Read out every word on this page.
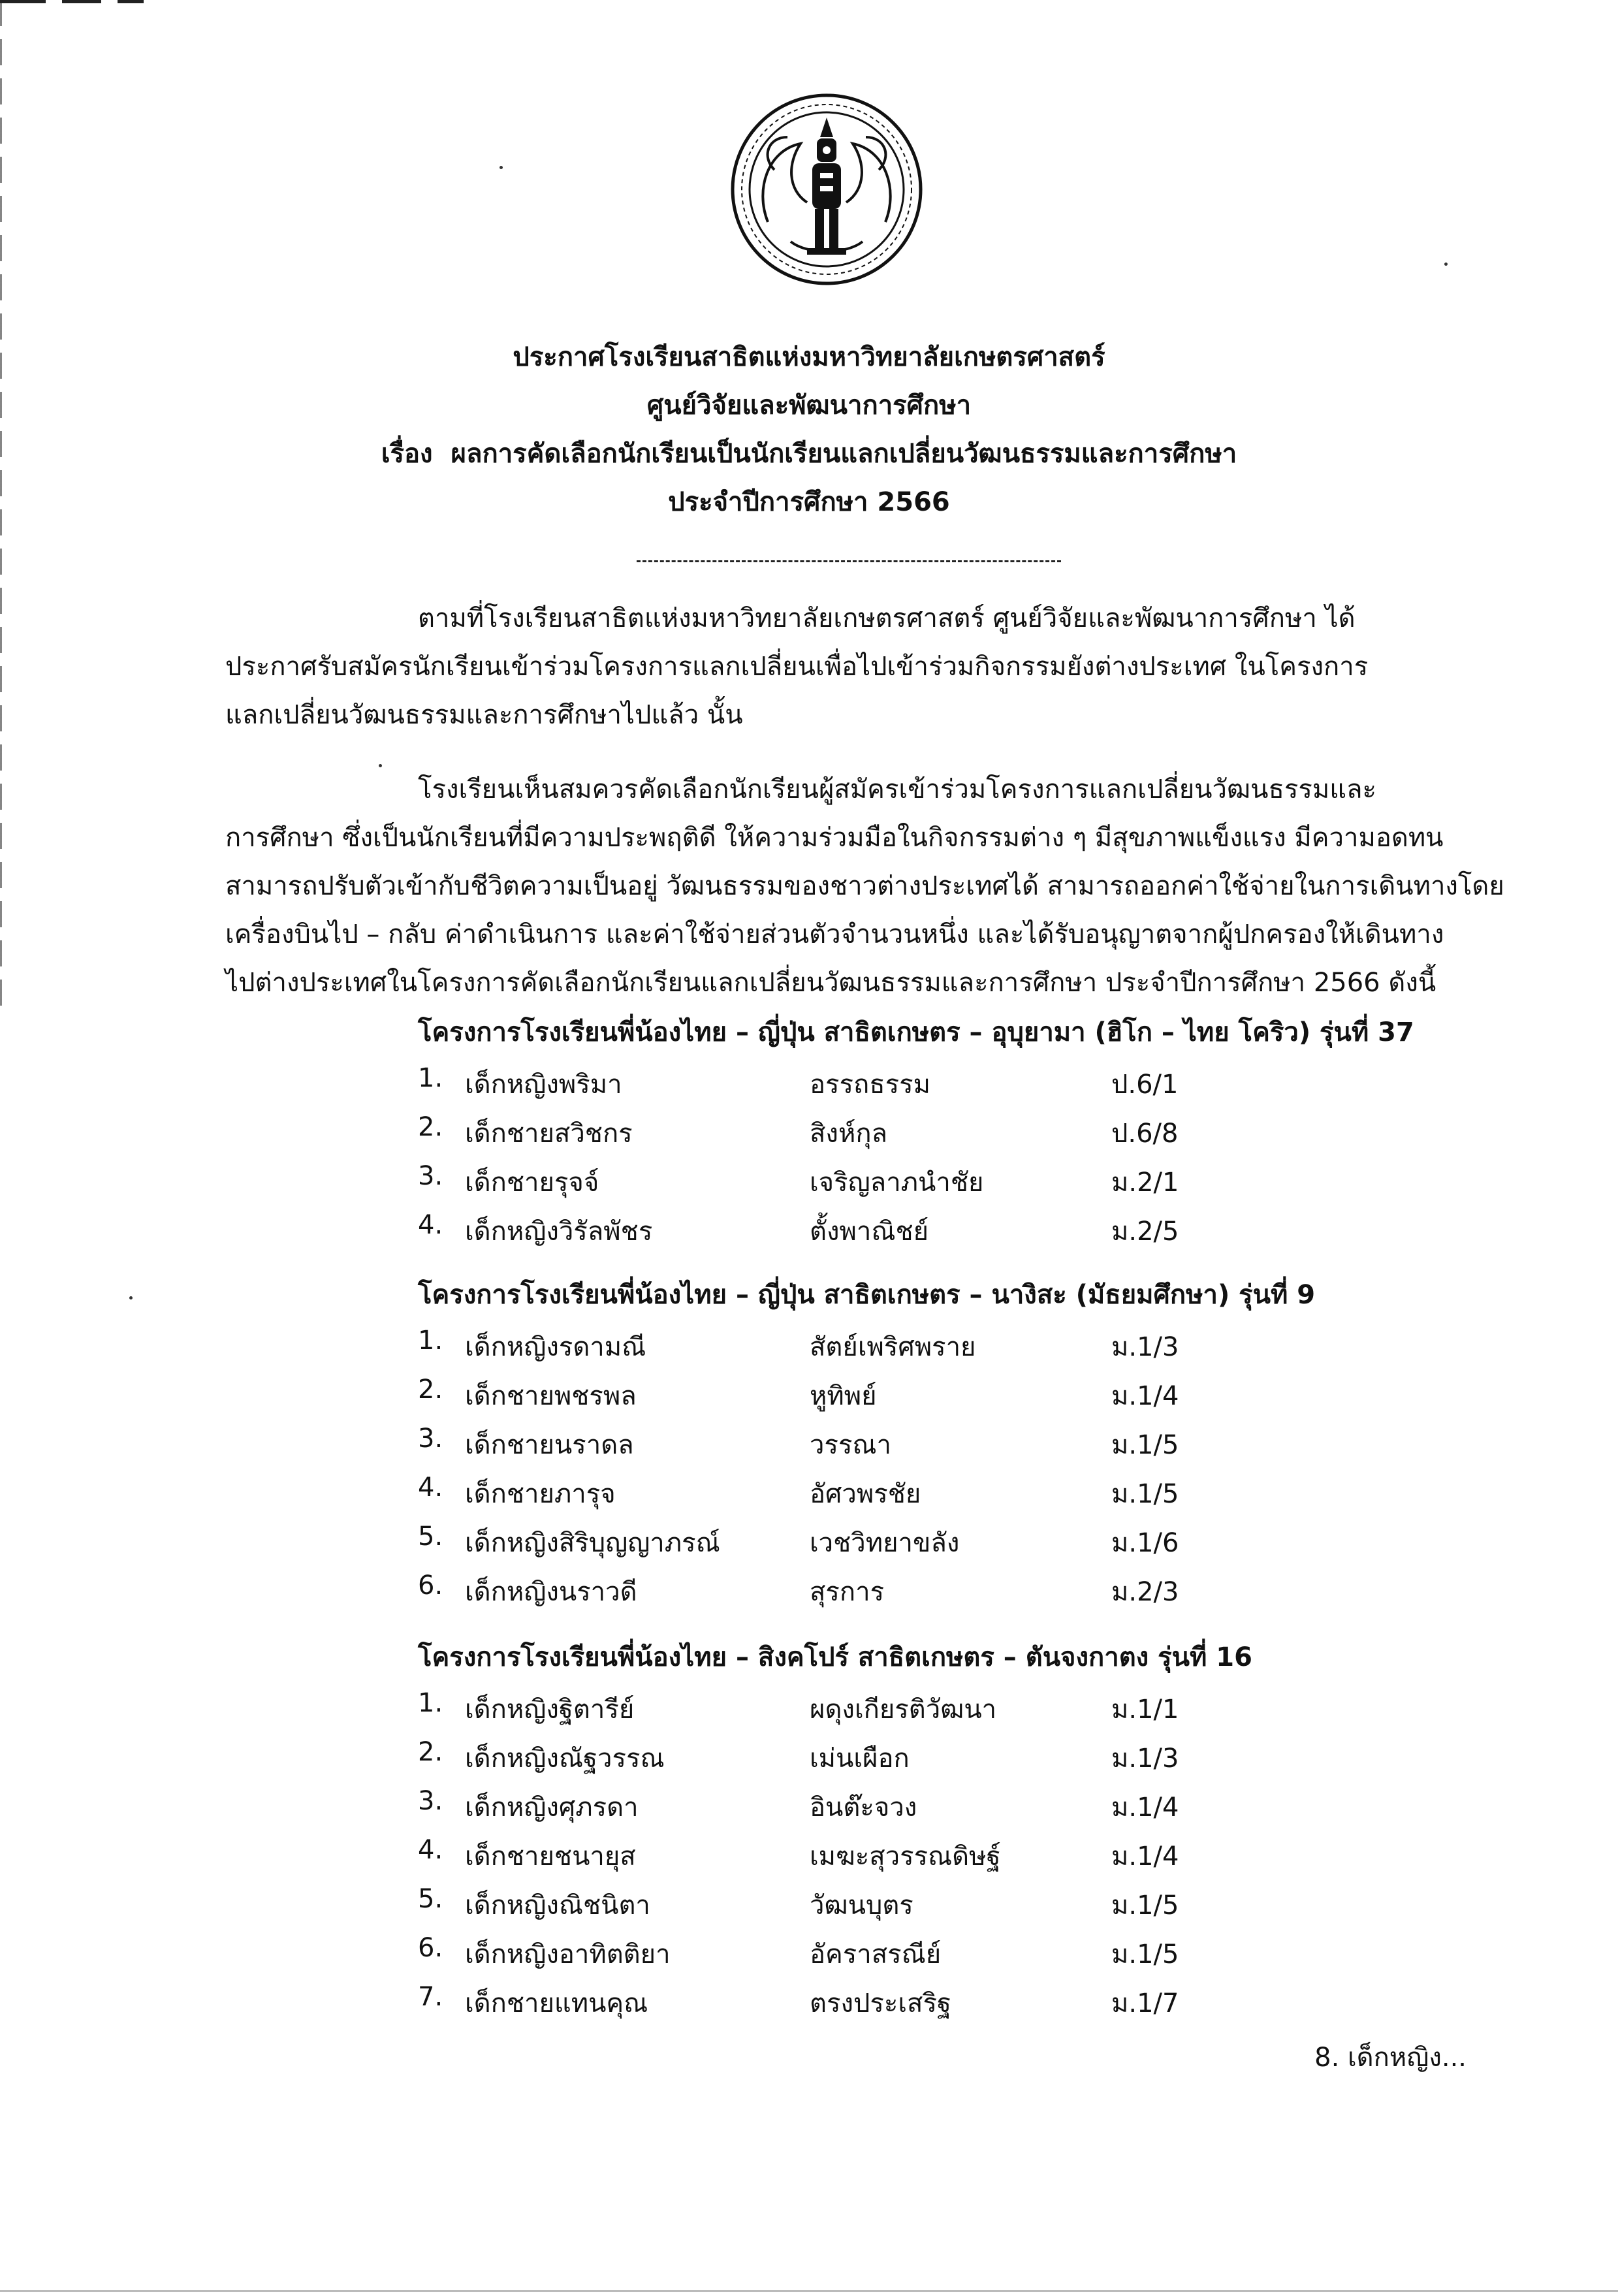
ประกาศโรงเรียนสาธิตแห่งมหาวิทยาลัยเกษตรศาสตร์
ศูนย์วิจัยและพัฒนาการศึกษา
เรื่อง ผลการคัดเลือกนักเรียนเป็นนักเรียนแลกเปลี่ยนวัฒนธรรมและการศึกษา
ประจำปีการศึกษา 2566
ตามที่โรงเรียนสาธิตแห่งมหาวิทยาลัยเกษตรศาสตร์ ศูนย์วิจัยและพัฒนาการศึกษา ได้
ประกาศรับสมัครนักเรียนเข้าร่วมโครงการแลกเปลี่ยนเพื่อไปเข้าร่วมกิจกรรมยังต่างประเทศ ในโครงการ
แลกเปลี่ยนวัฒนธรรมและการศึกษาไปแล้ว นั้น
โรงเรียนเห็นสมควรคัดเลือกนักเรียนผู้สมัครเข้าร่วมโครงการแลกเปลี่ยนวัฒนธรรมและ
การศึกษา ซึ่งเป็นนักเรียนที่มีความประพฤติดี ให้ความร่วมมือในกิจกรรมต่าง ๆ มีสุขภาพแข็งแรง มีความอดทน
สามารถปรับตัวเข้ากับชีวิตความเป็นอยู่ วัฒนธรรมของชาวต่างประเทศได้ สามารถออกค่าใช้จ่ายในการเดินทางโดย
เครื่องบินไป – กลับ ค่าดำเนินการ และค่าใช้จ่ายส่วนตัวจำนวนหนึ่ง และได้รับอนุญาตจากผู้ปกครองให้เดินทาง
ไปต่างประเทศในโครงการคัดเลือกนักเรียนแลกเปลี่ยนวัฒนธรรมและการศึกษา ประจำปีการศึกษา 2566 ดังนี้
โครงการโรงเรียนพี่น้องไทย – ญี่ปุ่น สาธิตเกษตร – อุบุยามา (ฮิโก – ไทย โคริว) รุ่นที่ 37
1. เด็กหญิงพริมา	อรรถธรรม	ป.6/1
2. เด็กชายสวิชกร	สิงห์กุล	ป.6/8
3. เด็กชายรุจจ์	เจริญลาภนำชัย	ม.2/1
4. เด็กหญิงวิรัลพัชร	ตั้งพาณิชย์	ม.2/5
โครงการโรงเรียนพี่น้องไทย – ญี่ปุ่น สาธิตเกษตร – นางิสะ (มัธยมศึกษา) รุ่นที่ 9
1. เด็กหญิงรดามณี	สัตย์เพริศพราย	ม.1/3
2. เด็กชายพชรพล	หูทิพย์	ม.1/4
3. เด็กชายนราดล	วรรณา	ม.1/5
4. เด็กชายภารุจ	อัศวพรชัย	ม.1/5
5. เด็กหญิงสิริบุญญาภรณ์	เวชวิทยาขลัง	ม.1/6
6. เด็กหญิงนราวดี	สุรการ	ม.2/3
โครงการโรงเรียนพี่น้องไทย – สิงคโปร์ สาธิตเกษตร – ตันจงกาตง รุ่นที่ 16
1. เด็กหญิงฐิตารีย์	ผดุงเกียรติวัฒนา	ม.1/1
2. เด็กหญิงณัฐวรรณ	เม่นเผือก	ม.1/3
3. เด็กหญิงศุภรดา	อินต๊ะจวง	ม.1/4
4. เด็กชายชนายุส	เมฆะสุวรรณดิษฐ์	ม.1/4
5. เด็กหญิงณิชนิตา	วัฒนบุตร	ม.1/5
6. เด็กหญิงอาทิตติยา	อัคราสรณีย์	ม.1/5
7. เด็กชายแทนคุณ	ตรงประเสริฐ	ม.1/7
8. เด็กหญิง...
